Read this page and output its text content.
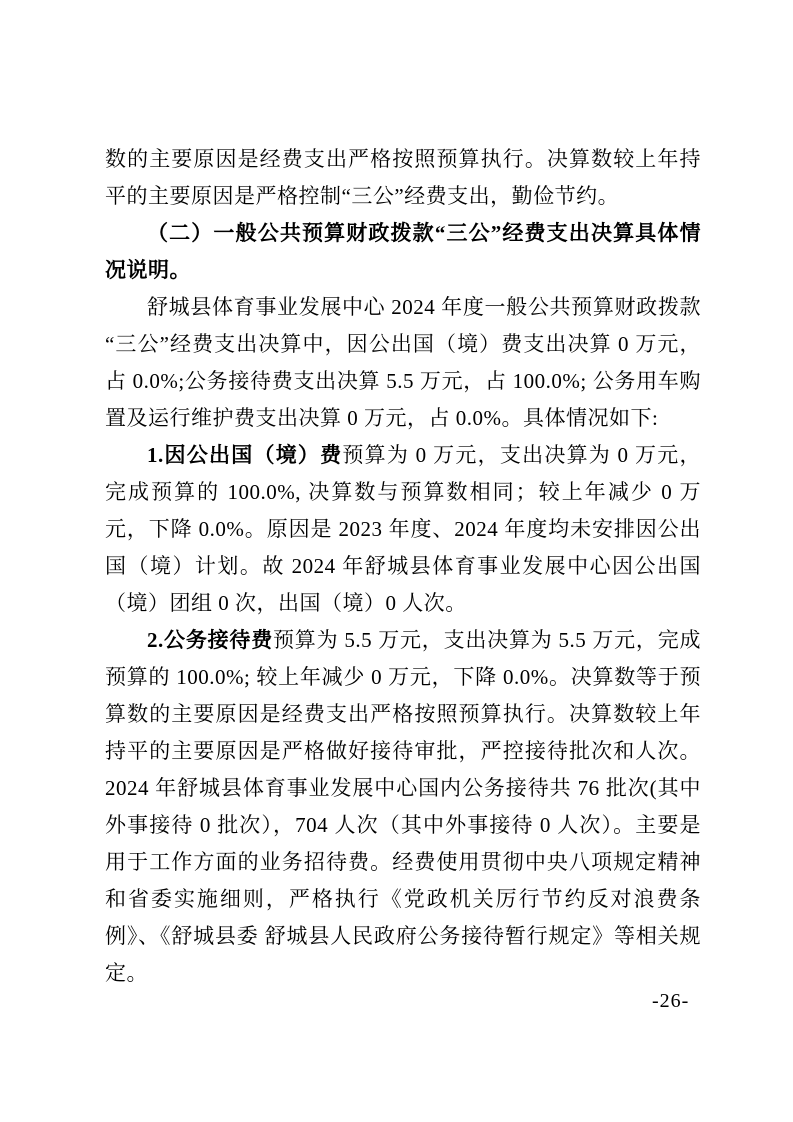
数的主要原因是经费支出严格按照预算执行。决算数较上年持平的主要原因是严格控制“三公”经费支出，勤俭节约。

（二）一般公共预算财政拨款“三公”经费支出决算具体情况说明。

舒城县体育事业发展中心 2024 年度一般公共预算财政拨款“三公”经费支出决算中，因公出国（境）费支出决算 0 万元，占 0.0%;公务接待费支出决算 5.5 万元，占 100.0%; 公务用车购置及运行维护费支出决算 0 万元，占 0.0%。具体情况如下:

1.因公出国（境）费预算为 0 万元，支出决算为 0 万元，完成预算的 100.0%, 决算数与预算数相同；较上年减少 0 万元，下降 0.0%。原因是 2023 年度、2024 年度均未安排因公出国（境）计划。故 2024 年舒城县体育事业发展中心因公出国（境）团组 0 次，出国（境）0 人次。

2.公务接待费预算为 5.5 万元，支出决算为 5.5 万元，完成预算的 100.0%; 较上年减少 0 万元，下降 0.0%。决算数等于预算数的主要原因是经费支出严格按照预算执行。决算数较上年持平的主要原因是严格做好接待审批，严控接待批次和人次。2024 年舒城县体育事业发展中心国内公务接待共 76 批次(其中外事接待 0 批次），704 人次（其中外事接待 0 人次）。主要是用于工作方面的业务招待费。经费使用贯彻中央八项规定精神和省委实施细则，严格执行《党政机关厉行节约反对浪费条例》、《舒城县委 舒城县人民政府公务接待暂行规定》等相关规定。

-26-
